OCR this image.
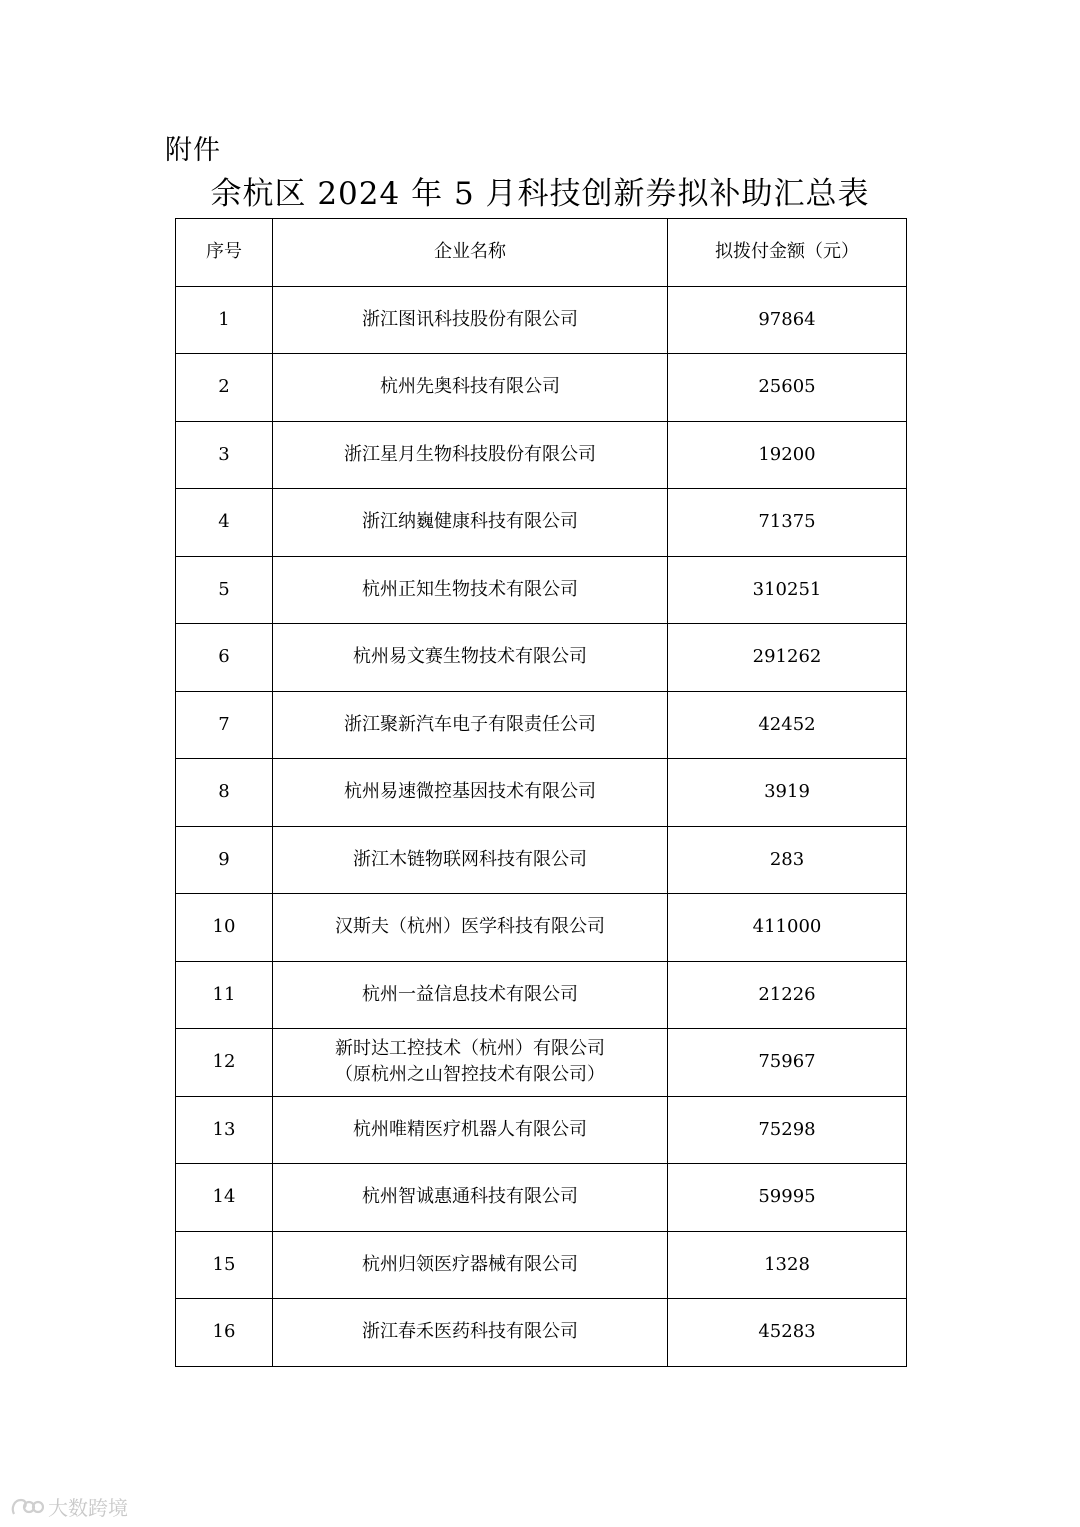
附件
余杭区 2024 年 5 月科技创新券拟补助汇总表
序号	企业名称	拟拨付金额（元）
1	浙江图讯科技股份有限公司	97864
2	杭州先奥科技有限公司	25605
3	浙江星月生物科技股份有限公司	19200
4	浙江纳巍健康科技有限公司	71375
5	杭州正知生物技术有限公司	310251
6	杭州易文赛生物技术有限公司	291262
7	浙江聚新汽车电子有限责任公司	42452
8	杭州易速微控基因技术有限公司	3919
9	浙江木链物联网科技有限公司	283
10	汉斯夫（杭州）医学科技有限公司	411000
11	杭州一益信息技术有限公司	21226
12	新时达工控技术（杭州）有限公司
（原杭州之山智控技术有限公司）	75967
13	杭州唯精医疗机器人有限公司	75298
14	杭州智诚惠通科技有限公司	59995
15	杭州归领医疗器械有限公司	1328
16	浙江春禾医药科技有限公司	45283
大数跨境
